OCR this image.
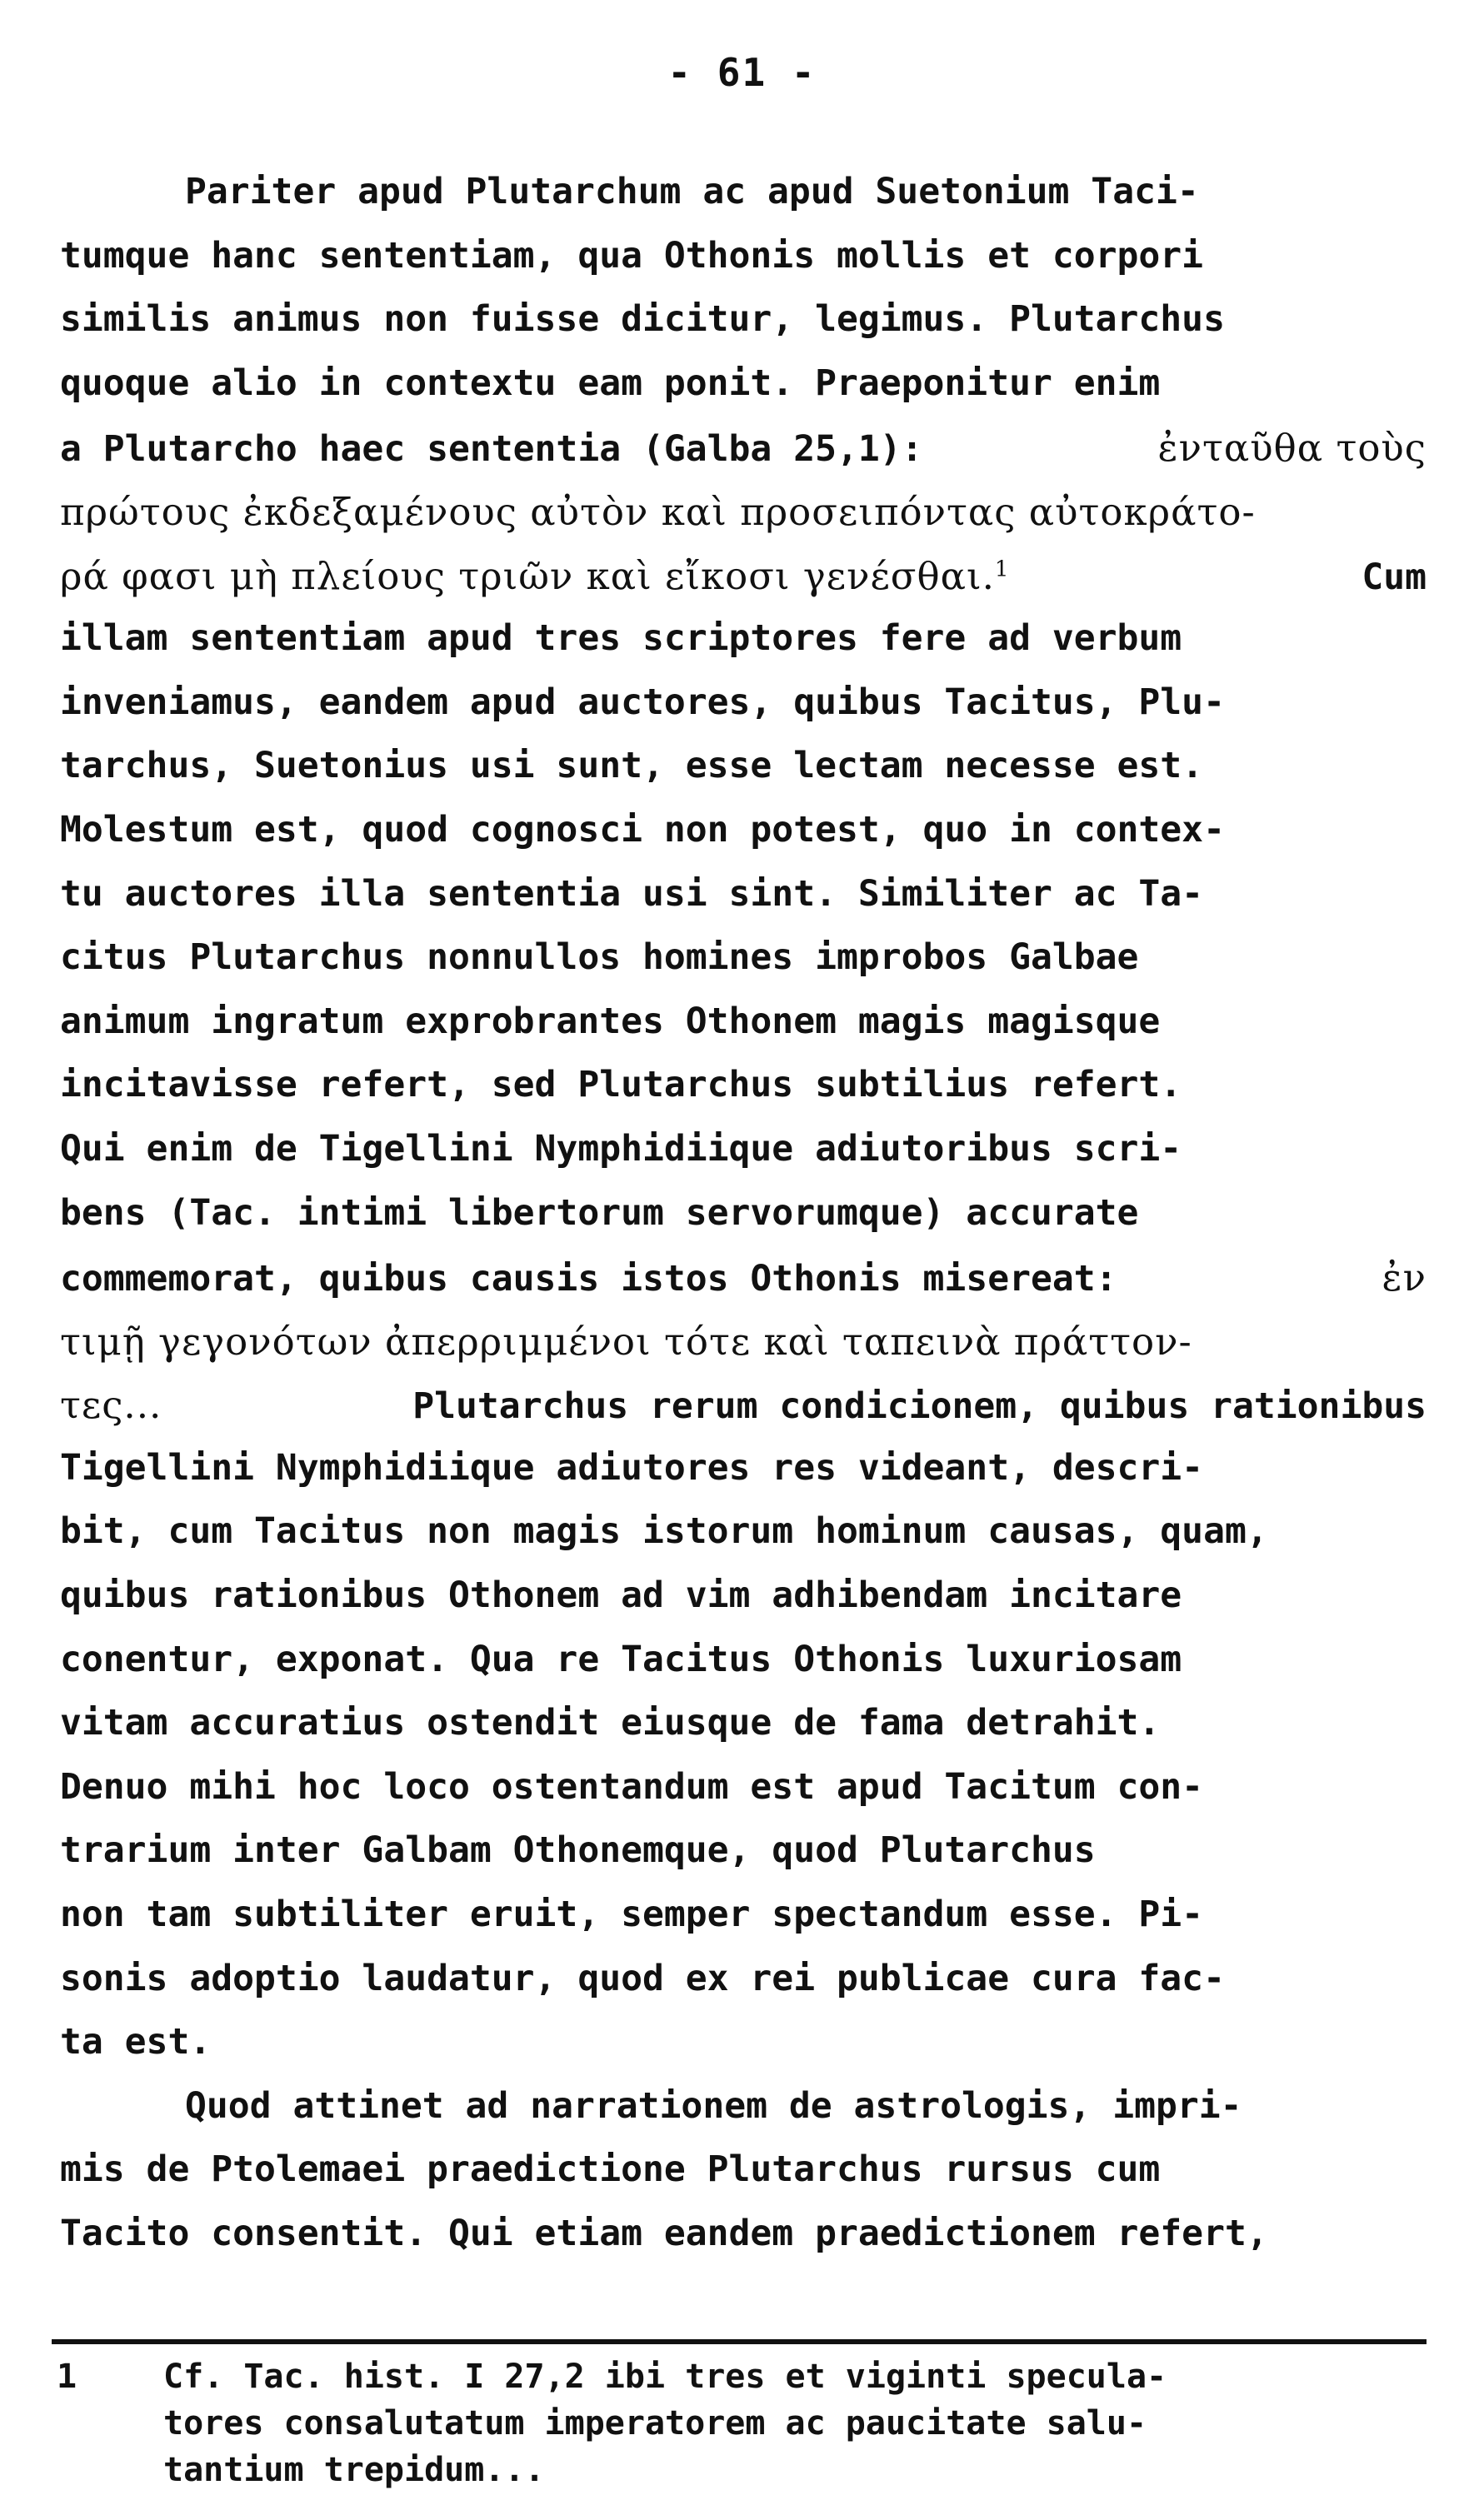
- 61 -
Pariter apud Plutarchum ac apud Suetonium Taci-
tumque hanc sententiam, qua Othonis mollis et corpori
similis animus non fuisse dicitur, legimus. Plutarchus
quoque alio in contextu eam ponit. Praeponitur enim
a Plutarcho haec sententia (Galba 25,1):	ἐνταῦθα τοὺς
πρώτους ἐκδεξαμένους αὐτὸν καὶ προσειπόντας αὐτοκράτο-
ρά φασι μὴ πλείους τριῶν καὶ εἴκοσι γενέσθαι.$^1$	Cum
illam sententiam apud tres scriptores fere ad verbum
inveniamus, eandem apud auctores, quibus Tacitus, Plu-
tarchus, Suetonius usi sunt, esse lectam necesse est.
Molestum est, quod cognosci non potest, quo in contex-
tu auctores illa sententia usi sint. Similiter ac Ta-
citus Plutarchus nonnullos homines improbos Galbae
animum ingratum exprobrantes Othonem magis magisque
incitavisse refert, sed Plutarchus subtilius refert.
Qui enim de Tigellini Nymphidiique adiutoribus scri-
bens (Tac. intimi libertorum servorumque) accurate
commemorat, quibus causis istos Othonis misereat:	ἐν
τιμῇ γεγονότων ἀπερριμμένοι τότε καὶ ταπεινὰ πράττον-
τες...	Plutarchus rerum condicionem, quibus rationibus
Tigellini Nymphidiique adiutores res videant, descri-
bit, cum Tacitus non magis istorum hominum causas, quam,
quibus rationibus Othonem ad vim adhibendam incitare
conentur, exponat. Qua re Tacitus Othonis luxuriosam
vitam accuratius ostendit eiusque de fama detrahit.
Denuo mihi hoc loco ostentandum est apud Tacitum con-
trarium inter Galbam Othonemque, quod Plutarchus
non tam subtiliter eruit, semper spectandum esse. Pi-
sonis adoptio laudatur, quod ex rei publicae cura fac-
ta est.
Quod attinet ad narrationem de astrologis, impri-
mis de Ptolemaei praedictione Plutarchus rursus cum
Tacito consentit. Qui etiam eandem praedictionem refert,
1	Cf. Tac. hist. I 27,2 ibi tres et viginti specula-
tores consalutatum imperatorem ac paucitate salu-
tantium trepidum...
